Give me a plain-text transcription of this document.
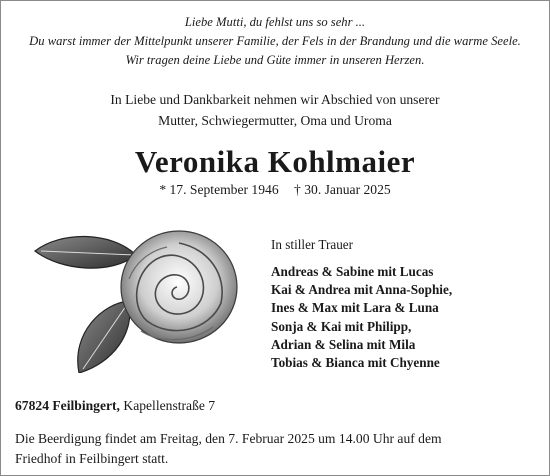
Liebe Mutti, du fehlst uns so sehr ...
Du warst immer der Mittelpunkt unserer Familie, der Fels in der Brandung und die warme Seele.
Wir tragen deine Liebe und Güte immer in unseren Herzen.
In Liebe und Dankbarkeit nehmen wir Abschied von unserer
Mutter, Schwiegermutter, Oma und Uroma
Veronika Kohlmaier
* 17. September 1946 † 30. Januar 2025
In stiller Trauer
Andreas & Sabine mit Lucas
Kai & Andrea mit Anna-Sophie,
Ines & Max mit Lara & Luna
Sonja & Kai mit Philipp,
Adrian & Selina mit Mila
Tobias & Bianca mit Chyenne
67824 Feilbingert, Kapellenstraße 7
Die Beerdigung findet am Freitag, den 7. Februar 2025 um 14.00 Uhr auf dem
Friedhof in Feilbingert statt.
